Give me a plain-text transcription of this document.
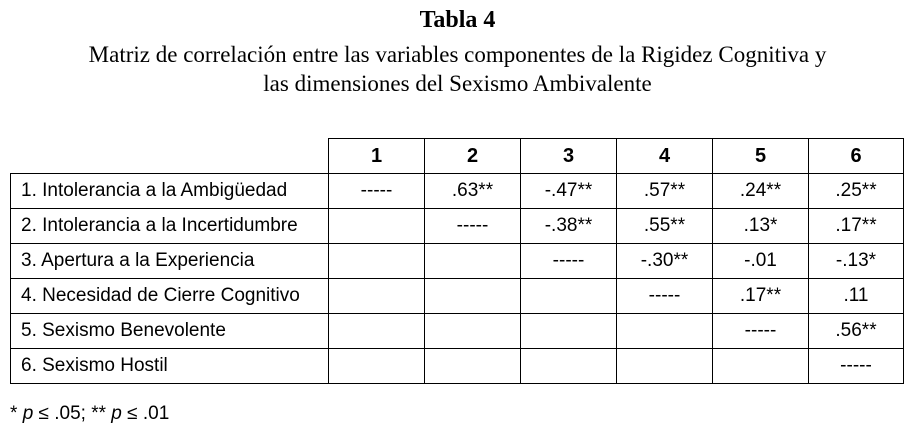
Tabla 4
Matriz de correlación entre las variables componentes de la Rigidez Cognitiva y
las dimensiones del Sexismo Ambivalente
	1	2	3	4	5	6
1. Intolerancia a la Ambigüedad	-----	.63**	-.47**	.57**	.24**	.25**
2. Intolerancia a la Incertidumbre		-----	-.38**	.55**	.13*	.17**
3. Apertura a la Experiencia			-----	-.30**	-.01	-.13*
4. Necesidad de Cierre Cognitivo				-----	.17**	.11
5. Sexismo Benevolente					-----	.56**
6. Sexismo Hostil						-----
* p ≤ .05; ** p ≤ .01
